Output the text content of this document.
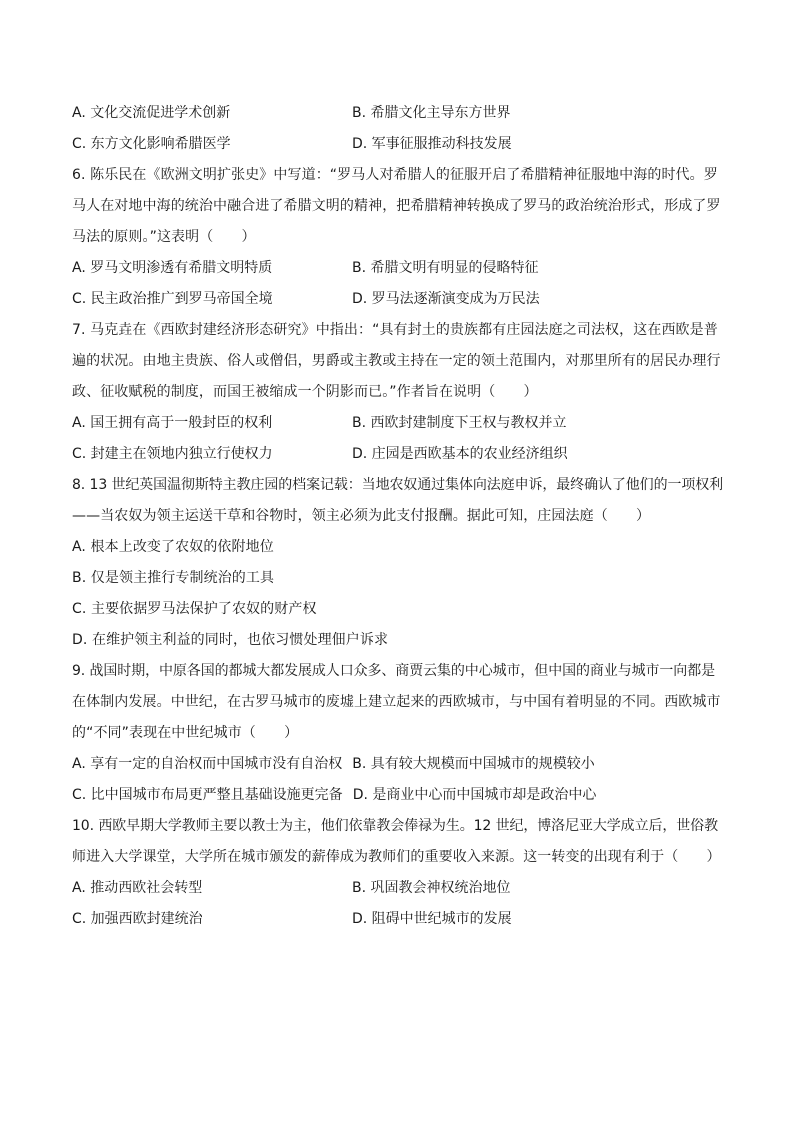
A. 文化交流促进学术创新	B. 希腊文化主导东方世界
C. 东方文化影响希腊医学	D. 军事征服推动科技发展
6. 陈乐民在《欧洲文明扩张史》中写道：“罗马人对希腊人的征服开启了希腊精神征服地中海的时代。罗
马人在对地中海的统治中融合进了希腊文明的精神，把希腊精神转换成了罗马的政治统治形式，形成了罗
马法的原则。”这表明（　　）
A. 罗马文明渗透有希腊文明特质	B. 希腊文明有明显的侵略特征
C. 民主政治推广到罗马帝国全境	D. 罗马法逐渐演变成为万民法
7. 马克垚在《西欧封建经济形态研究》中指出：“具有封土的贵族都有庄园法庭之司法权，这在西欧是普
遍的状况。由地主贵族、俗人或僧侣，男爵或主教或主持在一定的领土范围内，对那里所有的居民办理行
政、征收赋税的制度，而国王被缩成一个阴影而已。”作者旨在说明（　　）
A. 国王拥有高于一般封臣的权利	B. 西欧封建制度下王权与教权并立
C. 封建主在领地内独立行使权力	D. 庄园是西欧基本的农业经济组织
8. 13 世纪英国温彻斯特主教庄园的档案记载：当地农奴通过集体向法庭申诉，最终确认了他们的一项权利
——当农奴为领主运送干草和谷物时，领主必须为此支付报酬。据此可知，庄园法庭（　　）
A. 根本上改变了农奴的依附地位
B. 仅是领主推行专制统治的工具
C. 主要依据罗马法保护了农奴的财产权
D. 在维护领主利益的同时，也依习惯处理佃户诉求
9. 战国时期，中原各国的都城大都发展成人口众多、商贾云集的中心城市，但中国的商业与城市一向都是
在体制内发展。中世纪，在古罗马城市的废墟上建立起来的西欧城市，与中国有着明显的不同。西欧城市
的“不同”表现在中世纪城市（　　）
A. 享有一定的自治权而中国城市没有自治权 B. 具有较大规模而中国城市的规模较小
C. 比中国城市布局更严整且基础设施更完备 D. 是商业中心而中国城市却是政治中心
10. 西欧早期大学教师主要以教士为主，他们依靠教会俸禄为生。12 世纪，博洛尼亚大学成立后，世俗教
师进入大学课堂，大学所在城市颁发的薪俸成为教师们的重要收入来源。这一转变的出现有利于（　　）
A. 推动西欧社会转型	B. 巩固教会神权统治地位
C. 加强西欧封建统治	D. 阻碍中世纪城市的发展
